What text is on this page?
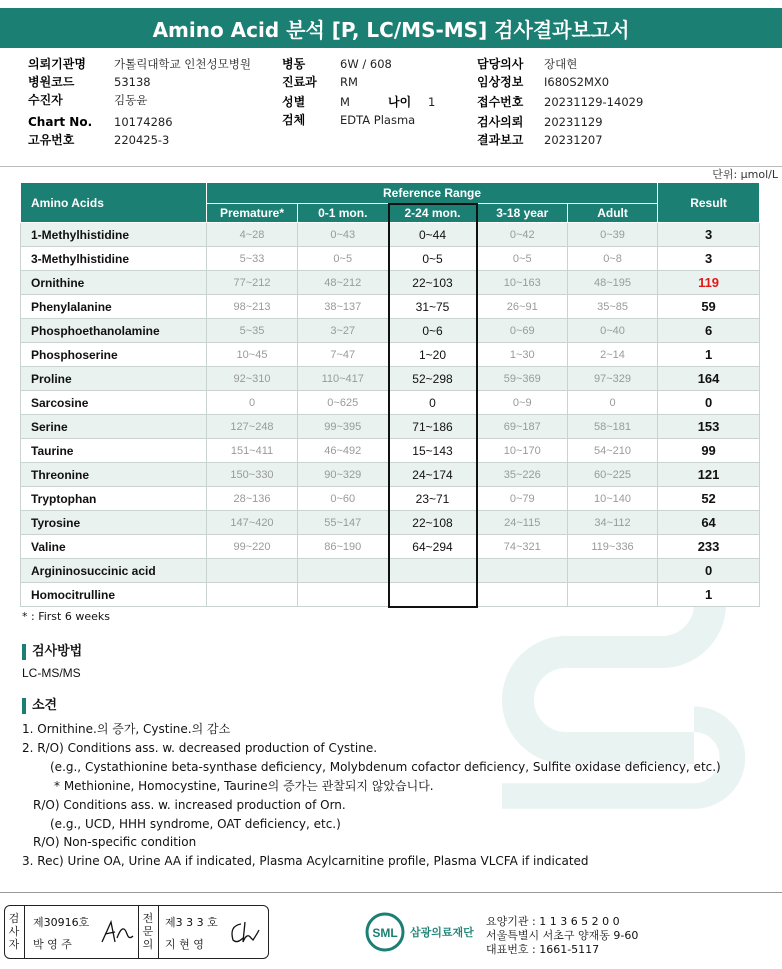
Amino Acid 분석 [P, LC/MS-MS] 검사결과보고서
의뢰기관명 가톨릭대학교 인천성모병원
병원코드	53138
수진자	김동윤
Chart No. 10174286
고유번호	220425-3
병동	6W / 608
진료과 RM
성별	M	나이 1
검체	EDTA Plasma
담당의사 장대현
임상정보 I680S2MX0
접수번호 20231129-14029
검사의뢰 20231129
결과보고 20231207
단위: μmol/L
Amino Acids	Reference Range					Result
	Premature*	0-1 mon.	2-24 mon.	3-18 year	Adult	
1-Methylhistidine	4~28	0~43	0~44	0~42	0~39	3
3-Methylhistidine	5~33	0~5	0~5	0~5	0~8	3
Ornithine	77~212	48~212	22~103	10~163	48~195	119
Phenylalanine	98~213	38~137	31~75	26~91	35~85	59
Phosphoethanolamine	5~35	3~27	0~6	0~69	0~40	6
Phosphoserine	10~45	7~47	1~20	1~30	2~14	1
Proline	92~310	110~417	52~298	59~369	97~329	164
Sarcosine	0	0~625	0	0~9	0	0
Serine	127~248	99~395	71~186	69~187	58~181	153
Taurine	151~411	46~492	15~143	10~170	54~210	99
Threonine	150~330	90~329	24~174	35~226	60~225	121
Tryptophan	28~136	0~60	23~71	0~79	10~140	52
Tyrosine	147~420	55~147	22~108	24~115	34~112	64
Valine	99~220	86~190	64~294	74~321	119~336	233
Argininosuccinic acid						0
Homocitrulline						1
* : First 6 weeks
검사방법
LC-MS/MS
소견
1. Ornithine.의 증가, Cystine.의 감소
2. R/O) Conditions ass. w. decreased production of Cystine.
(e.g., Cystathionine beta-synthase deficiency, Molybdenum cofactor deficiency, Sulfite oxidase deficiency, etc.)
* Methionine, Homocystine, Taurine의 증가는 관찰되지 않았습니다.
R/O) Conditions ass. w. increased production of Orn.
(e.g., UCD, HHH syndrome, OAT deficiency, etc.)
R/O) Non-specific condition
3. Rec) Urine OA, Urine AA if indicated, Plasma Acylcarnitine profile, Plasma VLCFA if indicated
검
사
자
제30916호
박 영 주
전
문
의
제3 3 3 호
지 현 영
SML 삼광의료재단
요양기관 : 1 1 3 6 5 2 0 0
서울특별시 서초구 양재동 9-60
대표번호 : 1661-5117
